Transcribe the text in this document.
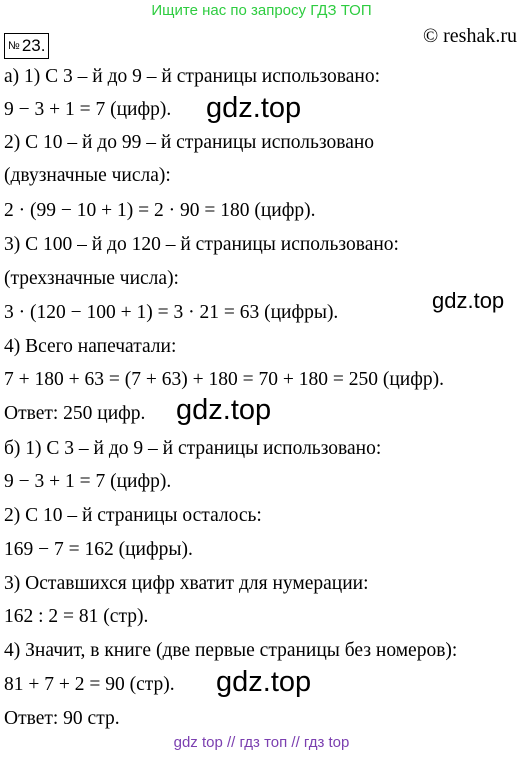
Ищите нас по запросу ГДЗ ТОП
№ 23.	© reshak.ru
а) 1) С 3 – й до 9 – й страницы использовано:
9 − 3 + 1 = 7 (цифр).
2) С 10 – й до 99 – й страницы использовано
(двузначные числа):
2 · (99 − 10 + 1) = 2 · 90 = 180 (цифр).
3) С 100 – й до 120 – й страницы использовано:
(трехзначные числа):
3 · (120 − 100 + 1) = 3 · 21 = 63 (цифры).
4) Всего напечатали:
7 + 180 + 63 = (7 + 63) + 180 = 70 + 180 = 250 (цифр).
Ответ: 250 цифр.
б) 1) С 3 – й до 9 – й страницы использовано:
9 − 3 + 1 = 7 (цифр).
2) С 10 – й страницы осталось:
169 − 7 = 162 (цифры).
3) Оставшихся цифр хватит для нумерации:
162 : 2 = 81 (стр).
4) Значит, в книге (две первые страницы без номеров):
81 + 7 + 2 = 90 (стр).
Ответ: 90 стр.
gdz.top
gdz.top
gdz.top
gdz.top
gdz top // гдз топ // гдз top
